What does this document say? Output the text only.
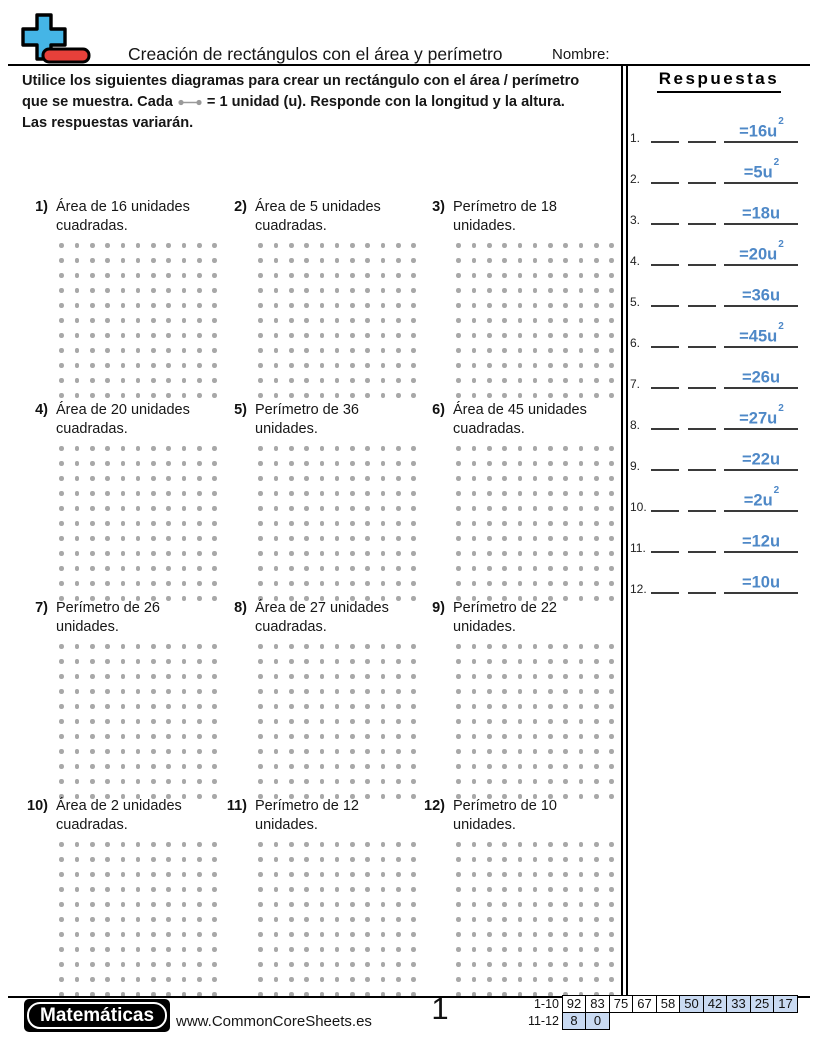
Creación de rectángulos con el área y perímetro	Nombre:
Utilice los siguientes diagramas para crear un rectángulo con el área / perímetro
que se muestra. Cada = 1 unidad (u). Responde con la longitud y la altura.
Las respuestas variarán.
Respuestas
1.	$=16u^2$
2.	$=5u^2$
3.	=18u
4.	$=20u^2$
5.	=36u
6.	$=45u^2$
7.	=26u
8.	$=27u^2$
9.	=22u
10.	$=2u^2$
11.	=12u
12.	=10u
1) Área de 16 unidades cuadradas.
2) Área de 5 unidades cuadradas.
3) Perímetro de 18 unidades.
4) Área de 20 unidades cuadradas.
5) Perímetro de 36 unidades.
6) Área de 45 unidades cuadradas.
7) Perímetro de 26 unidades.
8) Área de 27 unidades cuadradas.
9) Perímetro de 22 unidades.
10) Área de 2 unidades cuadradas.
11) Perímetro de 12 unidades.
12) Perímetro de 10 unidades.
Matemáticas	www.CommonCoreSheets.es	1	1-10 92 83 75 67 58 50 42 33 25 17
11-12 8	0
